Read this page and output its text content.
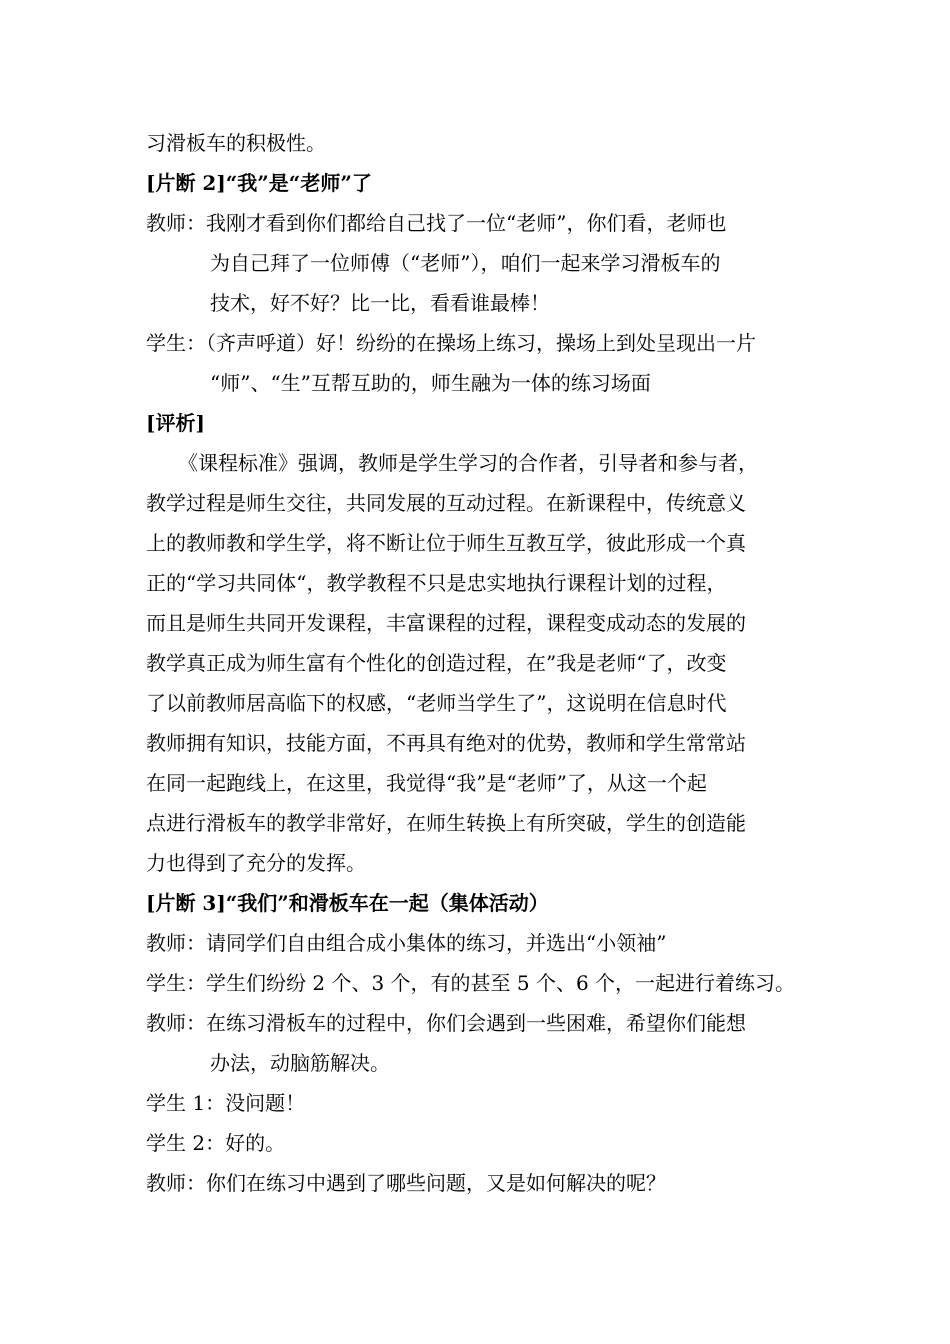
习滑板车的积极性。
[片断 2]“我”是“老师”了
教师：我刚才看到你们都给自己找了一位“老师”，你们看，老师也
为自己拜了一位师傅（“老师”），咱们一起来学习滑板车的
技术，好不好？比一比，看看谁最棒！
学生：（齐声呼道）好！纷纷的在操场上练习，操场上到处呈现出一片
“师”、“生”互帮互助的，师生融为一体的练习场面
[评析]
《课程标准》强调，教师是学生学习的合作者，引导者和参与者，
教学过程是师生交往，共同发展的互动过程。在新课程中，传统意义
上的教师教和学生学，将不断让位于师生互教互学，彼此形成一个真
正的“学习共同体“，教学教程不只是忠实地执行课程计划的过程，
而且是师生共同开发课程，丰富课程的过程，课程变成动态的发展的
教学真正成为师生富有个性化的创造过程，在”我是老师“了，改变
了以前教师居高临下的权感，“老师当学生了”，这说明在信息时代
教师拥有知识，技能方面，不再具有绝对的优势，教师和学生常常站
在同一起跑线上，在这里，我觉得“我”是“老师”了，从这一个起
点进行滑板车的教学非常好，在师生转换上有所突破，学生的创造能
力也得到了充分的发挥。
[片断 3]“我们”和滑板车在一起（集体活动）
教师：请同学们自由组合成小集体的练习，并选出“小领袖”
学生：学生们纷纷 2 个、3 个，有的甚至 5 个、6 个，一起进行着练习。
教师：在练习滑板车的过程中，你们会遇到一些困难，希望你们能想
办法，动脑筋解决。
学生 1：没问题！
学生 2：好的。
教师：你们在练习中遇到了哪些问题，又是如何解决的呢？
